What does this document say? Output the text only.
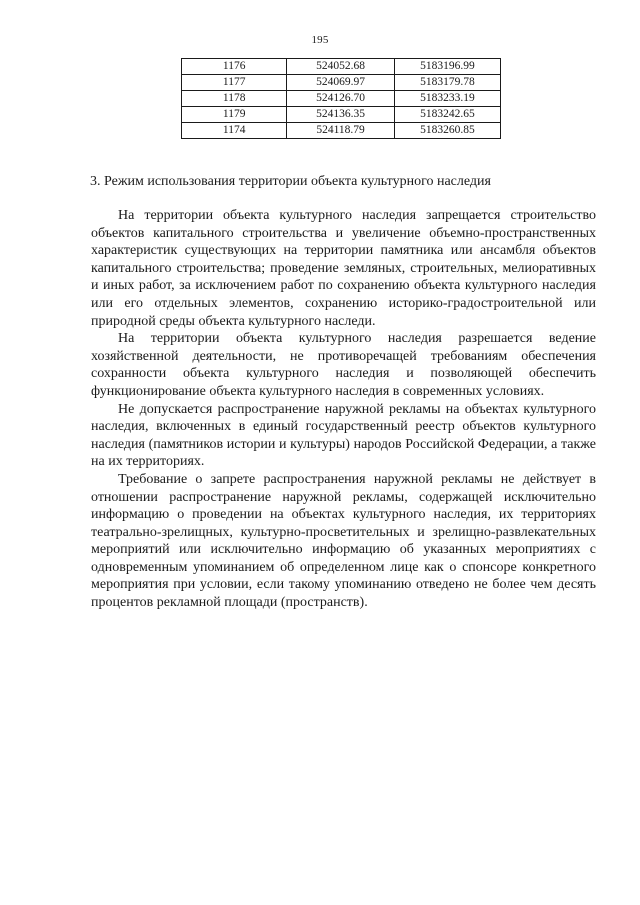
195
1176	524052.68	5183196.99
1177	524069.97	5183179.78
1178	524126.70	5183233.19
1179	524136.35	5183242.65
1174	524118.79	5183260.85
3. Режим использования территории объекта культурного наследия

На территории объекта культурного наследия запрещается строительство объектов капитального строительства и увеличение объемно-пространственных характеристик существующих на территории памятника или ансамбля объектов капитального строительства; проведение земляных, строительных, мелиоративных и иных работ, за исключением работ по сохранению объекта культурного наследия или его отдельных элементов, сохранению историко-градостроительной или природной среды объекта культурного наследи.

На территории объекта культурного наследия разрешается ведение хозяйственной деятельности, не противоречащей требованиям обеспечения сохранности объекта культурного наследия и позволяющей обеспечить функционирование объекта культурного наследия в современных условиях.

Не допускается распространение наружной рекламы на объектах культурного наследия, включенных в единый государственный реестр объектов культурного наследия (памятников истории и культуры) народов Российской Федерации, а также на их территориях.

Требование о запрете распространения наружной рекламы не действует в отношении распространение наружной рекламы, содержащей исключительно информацию о проведении на объектах культурного наследия, их территориях театрально-зрелищных, культурно-просветительных и зрелищно-развлекательных мероприятий или исключительно информацию об указанных мероприятиях с одновременным упоминанием об определенном лице как о спонсоре конкретного мероприятия при условии, если такому упоминанию отведено не более чем десять процентов рекламной площади (пространств).
